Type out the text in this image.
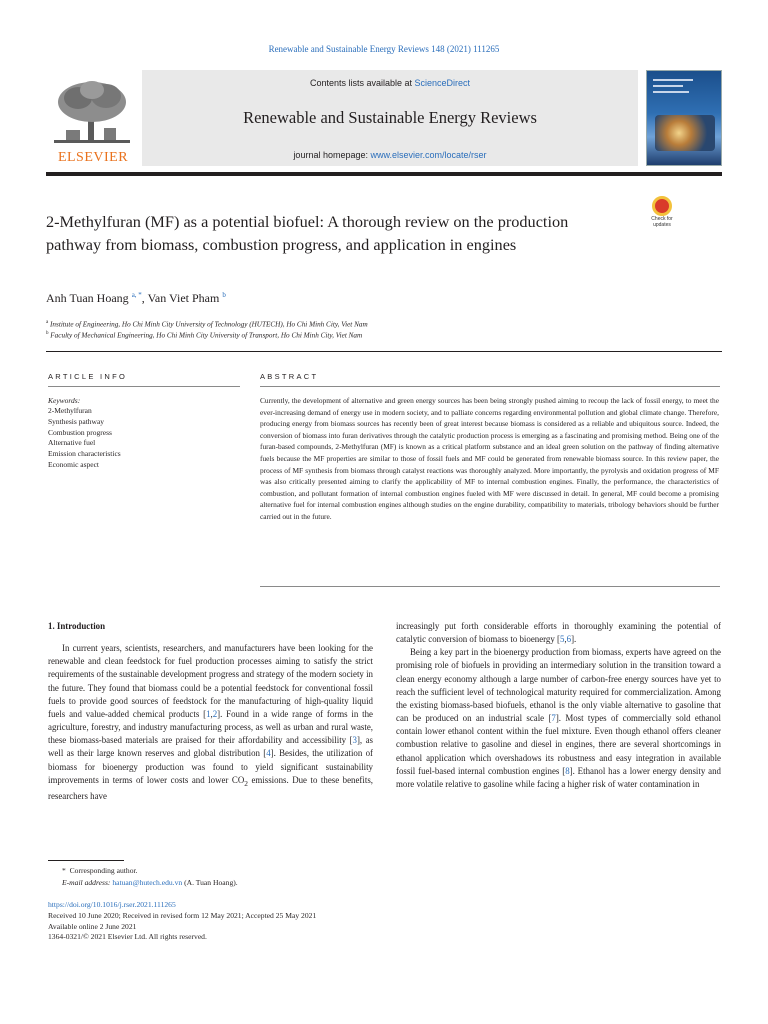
Renewable and Sustainable Energy Reviews 148 (2021) 111265
ELSEVIER
Contents lists available at ScienceDirect
Renewable and Sustainable Energy Reviews
journal homepage: www.elsevier.com/locate/rser
2-Methylfuran (MF) as a potential biofuel: A thorough review on the production pathway from biomass, combustion progress, and application in engines
Check for updates
Anh Tuan Hoang $^{a, *}$, Van Viet Pham $^b$
$^a$ Institute of Engineering, Ho Chi Minh City University of Technology (HUTECH), Ho Chi Minh City, Viet Nam
$^b$ Faculty of Mechanical Engineering, Ho Chi Minh City University of Transport, Ho Chi Minh City, Viet Nam
ARTICLE INFO	ABSTRACT
Keywords:
2-Methylfuran
Synthesis pathway
Combustion progress
Alternative fuel
Emission characteristics
Economic aspect
Currently, the development of alternative and green energy sources has been being strongly pushed aiming to recoup the lack of fossil energy, to meet the ever-increasing demand of energy use in modern society, and to palliate concerns regarding environmental pollution and global climate change. Therefore, producing energy from biomass sources has recently been of great interest because biomass is considered as a reliable and ubiquitous source. Indeed, the conversion of biomass into furan derivatives through the catalytic production process is emerging as a fascinating and promising method. Being one of the furan-based compounds, 2-Methylfuran (MF) is known as a critical platform substance and an ideal green solution on the pathway of finding alternative fuels because the MF properties are similar to those of fossil fuels and MF could be generated from renewable biomass source. In this review paper, the process of MF synthesis from biomass through catalyst reactions was thoroughly analyzed. More importantly, the pyrolysis and oxidation progress of MF was also critically presented aiming to clarify the applicability of MF to internal combustion engines. Finally, the performance, the characteristics of combustion, and pollutant formation of internal combustion engines fueled with MF were discussed in detail. In general, MF could become a promising alternative fuel for internal combustion engines although studies on the engine durability, compatibility to materials, tribology behaviors should be further carried out in the future.
1. Introduction

In current years, scientists, researchers, and manufacturers have been looking for the renewable and clean feedstock for fuel production processes aiming to satisfy the strict requirements of the sustainable development progress and strategy of the modern society in the future. They found that biomass could be a potential feedstock for conventional fossil fuels to provide good sources of feedstock for the manufacturing of high-quality liquid fuels and value-added chemical products [1,2]. Found in a wide range of forms in the agriculture, forestry, and industry manufacturing process, as well as urban and rural waste, these biomass-based materials are praised for their affordability and accessibility [3], as well as their large known reserves and global distribution [4]. Besides, the utilization of biomass for bioenergy production was found to yield significant sustainability improvements in terms of lower costs and lower $CO_2$ emissions. Due to these benefits, researchers have

increasingly put forth considerable efforts in thoroughly examining the potential of catalytic conversion of biomass to bioenergy [5,6].

Being a key part in the bioenergy production from biomass, experts have agreed on the promising role of biofuels in providing an intermediary solution in the transition toward a clean energy economy although a large number of carbon-free energy sources have yet to reach the sufficient level of technological maturity required for commercialization. Among the existing biomass-based biofuels, ethanol is the only viable alternative to gasoline that can be produced on an industrial scale [7]. Most types of commercially sold ethanol contain lower ethanol content within the fuel mixture. Even though ethanol offers cleaner combustion relative to gasoline and diesel in engines, there are several shortcomings in ethanol application which overshadows its robustness and easy integration in available fossil fuel-based internal combustion engines [8]. Ethanol has a lower energy density and more volatile relative to gasoline while facing a higher risk of water contamination in

* Corresponding author.
E-mail address: hatuan@hutech.edu.vn (A. Tuan Hoang).
https://doi.org/10.1016/j.rser.2021.111265
Received 10 June 2020; Received in revised form 12 May 2021; Accepted 25 May 2021
Available online 2 June 2021
1364-0321/© 2021 Elsevier Ltd. All rights reserved.
